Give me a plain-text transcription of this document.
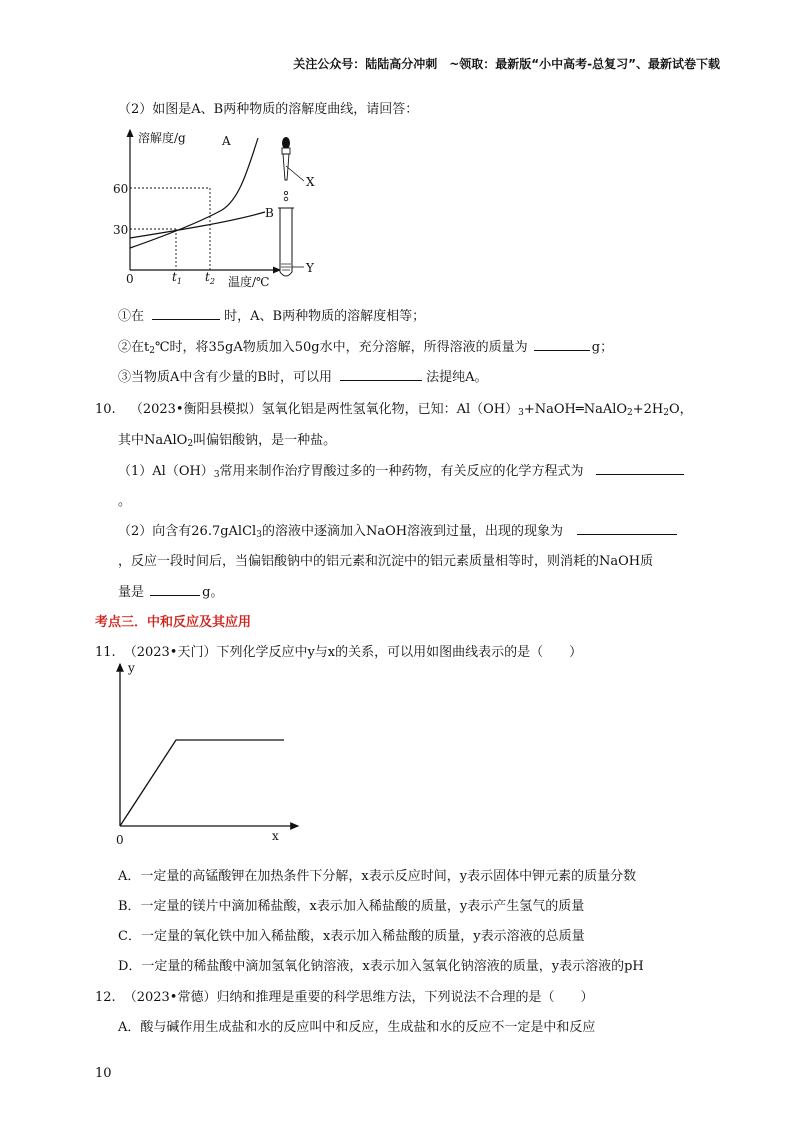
关注公众号：陆陆高分冲刺　~领取：最新版“小中高考-总复习”、最新试卷下载
（2）如图是A、B两种物质的溶解度曲线，请回答：
溶解度/g	A
B
60
30
0	$t_1$ $t_2$ 温度/℃
X
Y
①在	时，A、B两种物质的溶解度相等；
②在$t_2℃$时，将35gA物质加入50g水中，充分溶解，所得溶液的质量为	g；
③当物质A中含有少量的B时，可以用	法提纯A。
10. （2023•衡阳县模拟）氢氧化铝是两性氢氧化物，已知：$Al(OH)_3+NaOH═NaAlO_2+2H_2O$，
其中NaAlO$_2$叫偏铝酸钠，是一种盐。
$(1)Al(OH)_3$常用来制作治疗胃酸过多的一种药物，有关反应的化学方程式为
。
（2）向含有26.7gAlCl$_3$的溶液中逐滴加入NaOH溶液到过量，出现的现象为
，反应一段时间后，当偏铝酸钠中的铝元素和沉淀中的铝元素质量相等时，则消耗的NaOH质
量是	g。
考点三．中和反应及其应用
11. （2023•天门）下列化学反应中y与x的关系，可以用如图曲线表示的是（　　）
y
x
0
A．一定量的高锰酸钾在加热条件下分解，x表示反应时间，y表示固体中钾元素的质量分数
B．一定量的镁片中滴加稀盐酸，x表示加入稀盐酸的质量，y表示产生氢气的质量
C．一定量的氧化铁中加入稀盐酸，x表示加入稀盐酸的质量，y表示溶液的总质量
D．一定量的稀盐酸中滴加氢氧化钠溶液，x表示加入氢氧化钠溶液的质量，y表示溶液的pH
12. （2023•常德）归纳和推理是重要的科学思维方法，下列说法不合理的是（　　）
A．酸与碱作用生成盐和水的反应叫中和反应，生成盐和水的反应不一定是中和反应
10
